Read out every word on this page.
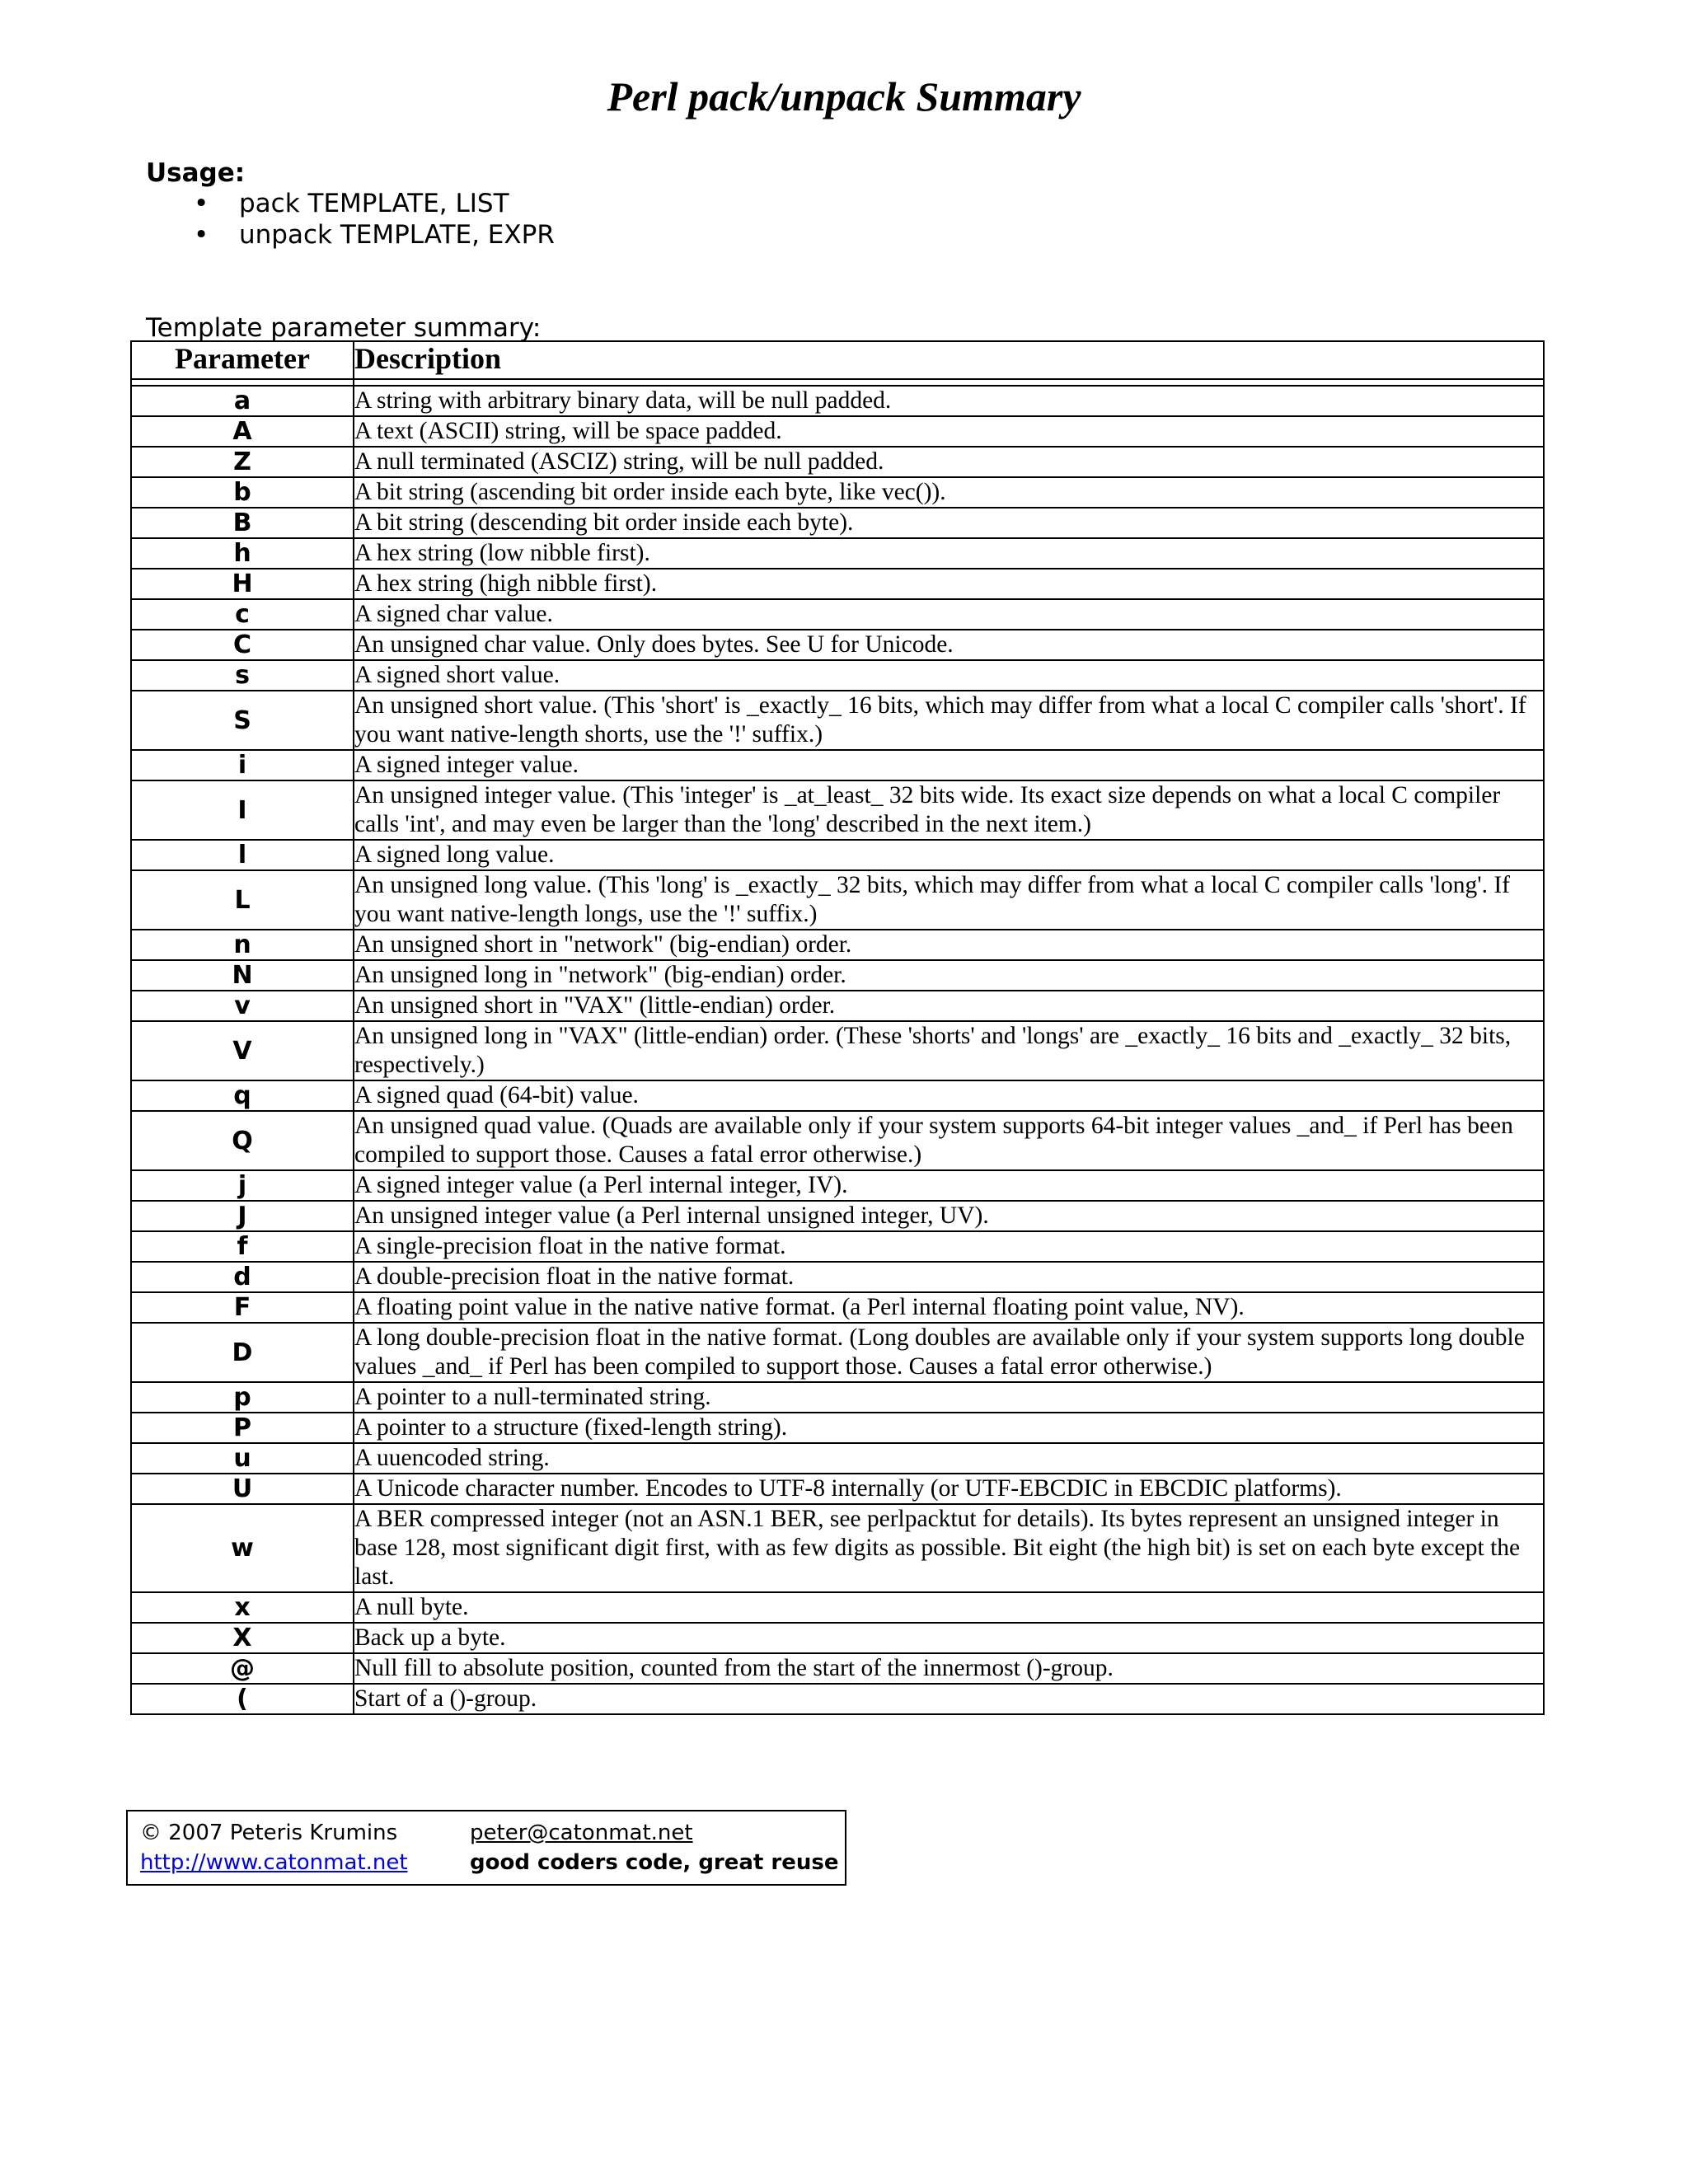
Perl pack/unpack Summary
Usage:
• pack TEMPLATE, LIST
• unpack TEMPLATE, EXPR
Template parameter summary:
Parameter	Description

a	A string with arbitrary binary data, will be null padded.
A	A text (ASCII) string, will be space padded.
Z	A null terminated (ASCIZ) string, will be null padded.
b	A bit string (ascending bit order inside each byte, like vec()).
B	A bit string (descending bit order inside each byte).
h	A hex string (low nibble first).
H	A hex string (high nibble first).
c	A signed char value.
C	An unsigned char value. Only does bytes. See U for Unicode.
s	A signed short value.
S	An unsigned short value. (This 'short' is _exactly_ 16 bits, which may differ from what a local C compiler calls 'short'. If you want native-length shorts, use the '!' suffix.)
i	A signed integer value.
I	An unsigned integer value. (This 'integer' is _at_least_ 32 bits wide. Its exact size depends on what a local C compiler calls 'int', and may even be larger than the 'long' described in the next item.)
l	A signed long value.
L	An unsigned long value. (This 'long' is _exactly_ 32 bits, which may differ from what a local C compiler calls 'long'. If you want native-length longs, use the '!' suffix.)
n	An unsigned short in "network" (big-endian) order.
N	An unsigned long in "network" (big-endian) order.
v	An unsigned short in "VAX" (little-endian) order.
V	An unsigned long in "VAX" (little-endian) order. (These 'shorts' and 'longs' are _exactly_ 16 bits and _exactly_ 32 bits, respectively.)
q	A signed quad (64-bit) value.
Q	An unsigned quad value. (Quads are available only if your system supports 64-bit integer values _and_ if Perl has been compiled to support those. Causes a fatal error otherwise.)
j	A signed integer value (a Perl internal integer, IV).
J	An unsigned integer value (a Perl internal unsigned integer, UV).
f	A single-precision float in the native format.
d	A double-precision float in the native format.
F	A floating point value in the native native format. (a Perl internal floating point value, NV).
D	A long double-precision float in the native format. (Long doubles are available only if your system supports long double values _and_ if Perl has been compiled to support those. Causes a fatal error otherwise.)
p	A pointer to a null-terminated string.
P	A pointer to a structure (fixed-length string).
u	A uuencoded string.
U	A Unicode character number. Encodes to UTF-8 internally (or UTF-EBCDIC in EBCDIC platforms).
w	A BER compressed integer (not an ASN.1 BER, see perlpacktut for details). Its bytes represent an unsigned integer in base 128, most significant digit first, with as few digits as possible. Bit eight (the high bit) is set on each byte except the last.
x	A null byte.
X	Back up a byte.
@	Null fill to absolute position, counted from the start of the innermost ()-group.
(	Start of a ()-group.
© 2007 Peteris Krumins	peter@catonmat.net
http://www.catonmat.net	good coders code, great reuse
